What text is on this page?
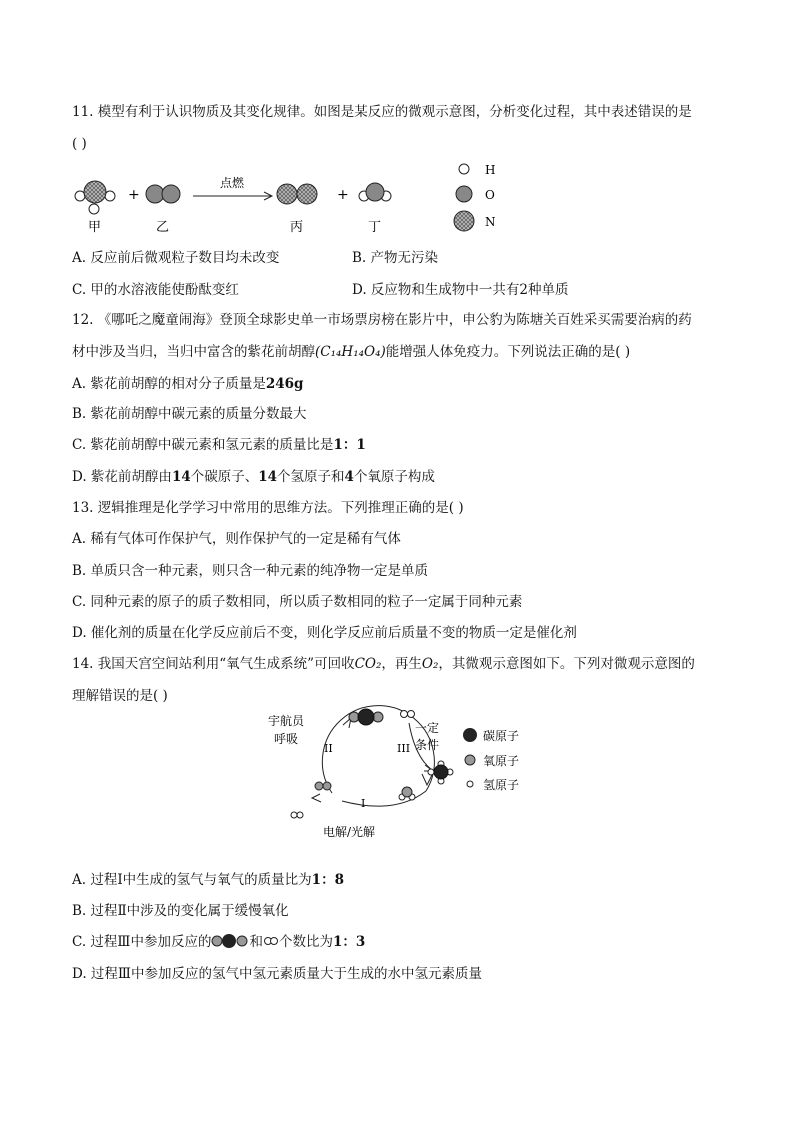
11. 模型有利于认识物质及其变化规律。如图是某反应的微观示意图，分析变化过程，其中表述错误的是
( )
+
点燃
+
甲	乙	丙	丁
H
O
N
A. 反应前后微观粒子数目均未改变	B. 产物无污染
C. 甲的水溶液能使酚酞变红	D. 反应物和生成物中一共有2种单质
12. 《哪吒之魔童闹海》登顶全球影史单一市场票房榜在影片中，申公豹为陈塘关百姓采买需要治病的药
材中涉及当归，当归中富含的紫花前胡醇(C₁₄H₁₄O₄)能增强人体免疫力。下列说法正确的是( )
A. 紫花前胡醇的相对分子质量是246g
B. 紫花前胡醇中碳元素的质量分数最大
C. 紫花前胡醇中碳元素和氢元素的质量比是1：1
D. 紫花前胡醇由14个碳原子、14个氢原子和4个氧原子构成
13. 逻辑推理是化学学习中常用的思维方法。下列推理正确的是( )
A. 稀有气体可作保护气，则作保护气的一定是稀有气体
B. 单质只含一种元素，则只含一种元素的纯净物一定是单质
C. 同种元素的原子的质子数相同，所以质子数相同的粒子一定属于同种元素
D. 催化剂的质量在化学反应前后不变，则化学反应前后质量不变的物质一定是催化剂
14. 我国天宫空间站利用“氧气生成系统”可回收CO₂，再生O₂，其微观示意图如下。下列对微观示意图的
理解错误的是( )
一定
条件
宇航员
呼吸
II	III
I
电解/光解
碳原子
氧原子
氢原子
A. 过程Ⅰ中生成的氢气与氧气的质量比为1：8
B. 过程Ⅱ中涉及的变化属于缓慢氧化
C. 过程Ⅲ中参加反应的	和 个数比为1：3
D. 过程Ⅲ中参加反应的氢气中氢元素质量大于生成的水中氢元素质量
